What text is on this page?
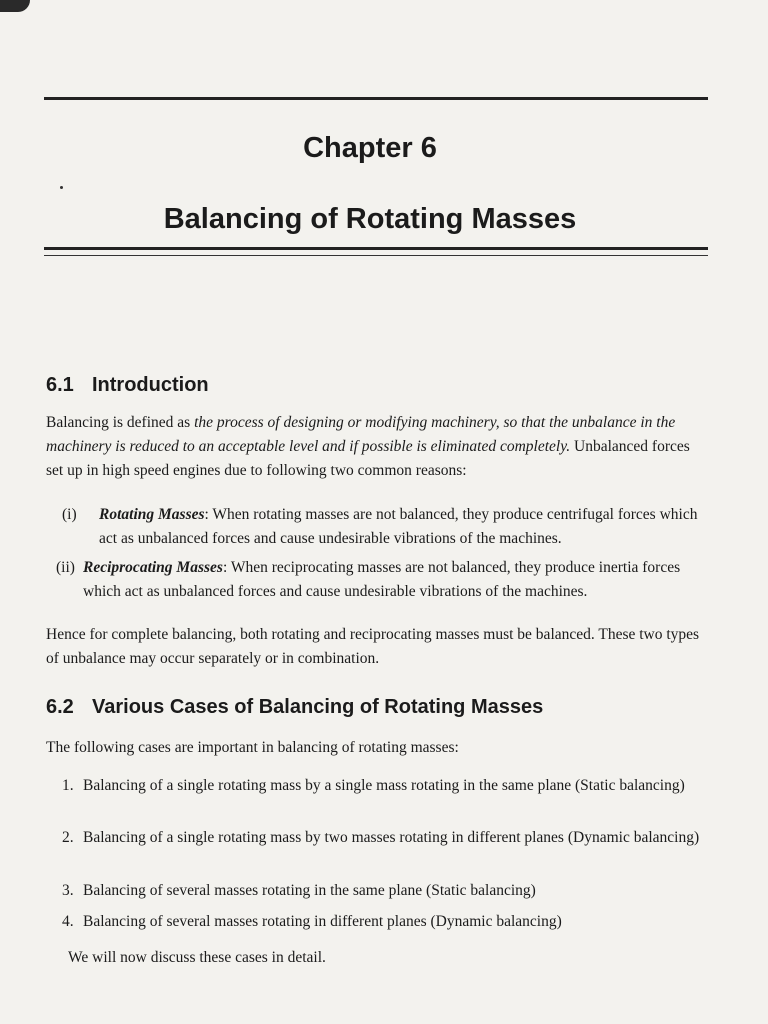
Chapter 6
Balancing of Rotating Masses
6.1 Introduction
Balancing is defined as the process of designing or modifying machinery, so that the unbalance in the machinery is reduced to an acceptable level and if possible is eliminated completely. Unbalanced forces set up in high speed engines due to following two common reasons:
(i) Rotating Masses: When rotating masses are not balanced, they produce centrifugal forces which act as unbalanced forces and cause undesirable vibrations of the machines.
(ii) Reciprocating Masses: When reciprocating masses are not balanced, they produce inertia forces which act as unbalanced forces and cause undesirable vibrations of the machines.
Hence for complete balancing, both rotating and reciprocating masses must be balanced. These two types of unbalance may occur separately or in combination.
6.2 Various Cases of Balancing of Rotating Masses
The following cases are important in balancing of rotating masses:
1. Balancing of a single rotating mass by a single mass rotating in the same plane (Static balancing)
2. Balancing of a single rotating mass by two masses rotating in different planes (Dynamic balancing)
3. Balancing of several masses rotating in the same plane (Static balancing)
4. Balancing of several masses rotating in different planes (Dynamic balancing)
We will now discuss these cases in detail.
